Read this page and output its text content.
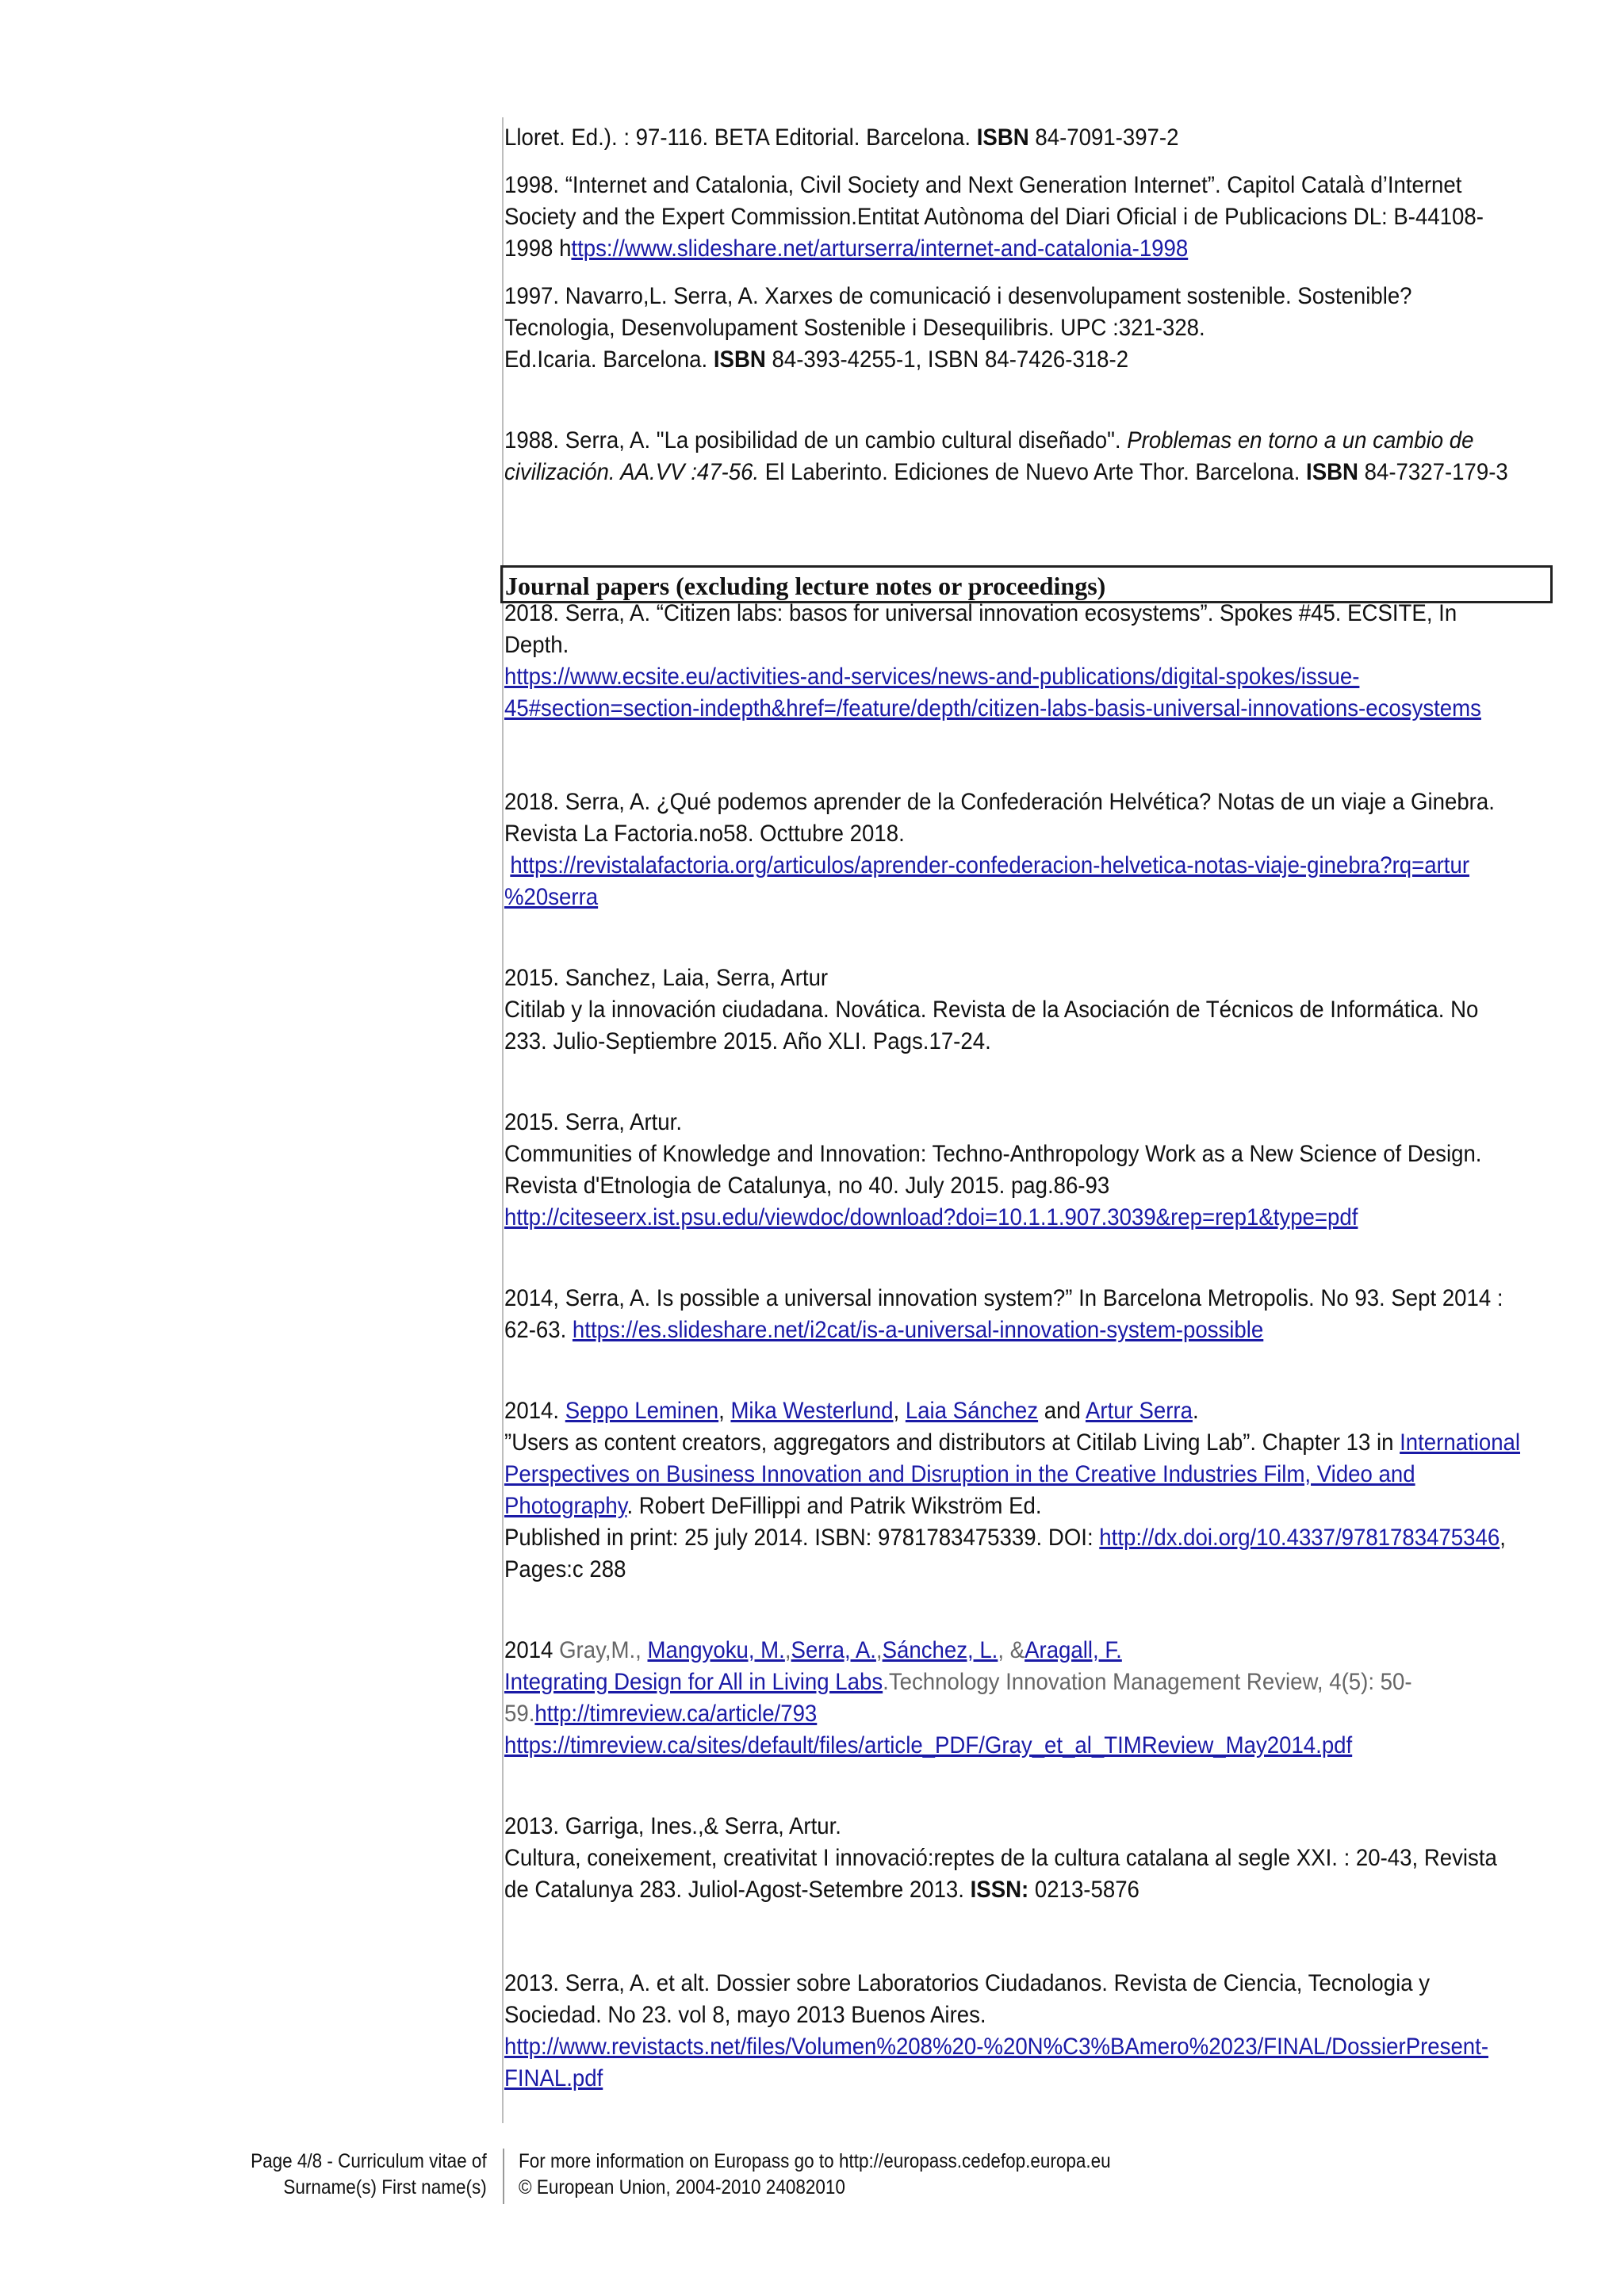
Journal papers (excluding lecture notes or proceedings)
Lloret. Ed.). : 97-116. BETA Editorial. Barcelona. ISBN 84-7091-397-2
1998. “Internet and Catalonia, Civil Society and Next Generation Internet”. Capitol Català d’Internet
Society and the Expert Commission.Entitat Autònoma del Diari Oficial i de Publicacions DL: B-44108-
1998 https://www.slideshare.net/arturserra/internet-and-catalonia-1998
1997. Navarro,L. Serra, A. Xarxes de comunicació i desenvolupament sostenible. Sostenible?
Tecnologia, Desenvolupament Sostenible i Desequilibris. UPC :321-328.
Ed.Icaria. Barcelona. ISBN 84-393-4255-1, ISBN 84-7426-318-2
1988. Serra, A. "La posibilidad de un cambio cultural diseñado". Problemas en torno a un cambio de
civilización. AA.VV :47-56. El Laberinto. Ediciones de Nuevo Arte Thor. Barcelona. ISBN 84-7327-179-3
2018. Serra, A. “Citizen labs: basos for universal innovation ecosystems”. Spokes #45. ECSITE, In
Depth.
https://www.ecsite.eu/activities-and-services/news-and-publications/digital-spokes/issue-
45#section=section-indepth&href=/feature/depth/citizen-labs-basis-universal-innovations-ecosystems
2018. Serra, A. ¿Qué podemos aprender de la Confederación Helvética? Notas de un viaje a Ginebra.
Revista La Factoria.no58. Octtubre 2018.
https://revistalafactoria.org/articulos/aprender-confederacion-helvetica-notas-viaje-ginebra?rq=artur
%20serra
2015. Sanchez, Laia, Serra, Artur
Citilab y la innovación ciudadana. Novática. Revista de la Asociación de Técnicos de Informática. No
233. Julio-Septiembre 2015. Año XLI. Pags.17-24.
2015. Serra, Artur.
Communities of Knowledge and Innovation: Techno-Anthropology Work as a New Science of Design.
Revista d'Etnologia de Catalunya, no 40. July 2015. pag.86-93
http://citeseerx.ist.psu.edu/viewdoc/download?doi=10.1.1.907.3039&rep=rep1&type=pdf
2014, Serra, A. Is possible a universal innovation system?” In Barcelona Metropolis. No 93. Sept 2014 :
62-63. https://es.slideshare.net/i2cat/is-a-universal-innovation-system-possible
2014. Seppo Leminen, Mika Westerlund, Laia Sánchez and Artur Serra.
”Users as content creators, aggregators and distributors at Citilab Living Lab”. Chapter 13 in International
Perspectives on Business Innovation and Disruption in the Creative Industries Film, Video and
Photography. Robert DeFillippi and Patrik Wikström Ed.
Published in print: 25 july 2014. ISBN: 9781783475339. DOI: http://dx.doi.org/10.4337/9781783475346,
Pages:c 288
2014 Gray,M., Mangyoku, M.,Serra, A.,Sánchez, L., &Aragall, F.
Integrating Design for All in Living Labs.Technology Innovation Management Review, 4(5): 50-
59.http://timreview.ca/article/793
https://timreview.ca/sites/default/files/article_PDF/Gray_et_al_TIMReview_May2014.pdf
2013. Garriga, Ines.,& Serra, Artur.
Cultura, coneixement, creativitat I innovació:reptes de la cultura catalana al segle XXI. : 20-43, Revista
de Catalunya 283. Juliol-Agost-Setembre 2013. ISSN: 0213-5876
2013. Serra, A. et alt. Dossier sobre Laboratorios Ciudadanos. Revista de Ciencia, Tecnologia y
Sociedad. No 23. vol 8, mayo 2013 Buenos Aires.
http://www.revistacts.net/files/Volumen%208%20-%20N%C3%BAmero%2023/FINAL/DossierPresent-
FINAL.pdf
Page 4/8 - Curriculum vitae of
Surname(s) First name(s)
For more information on Europass go to http://europass.cedefop.europa.eu
© European Union, 2004-2010 24082010
